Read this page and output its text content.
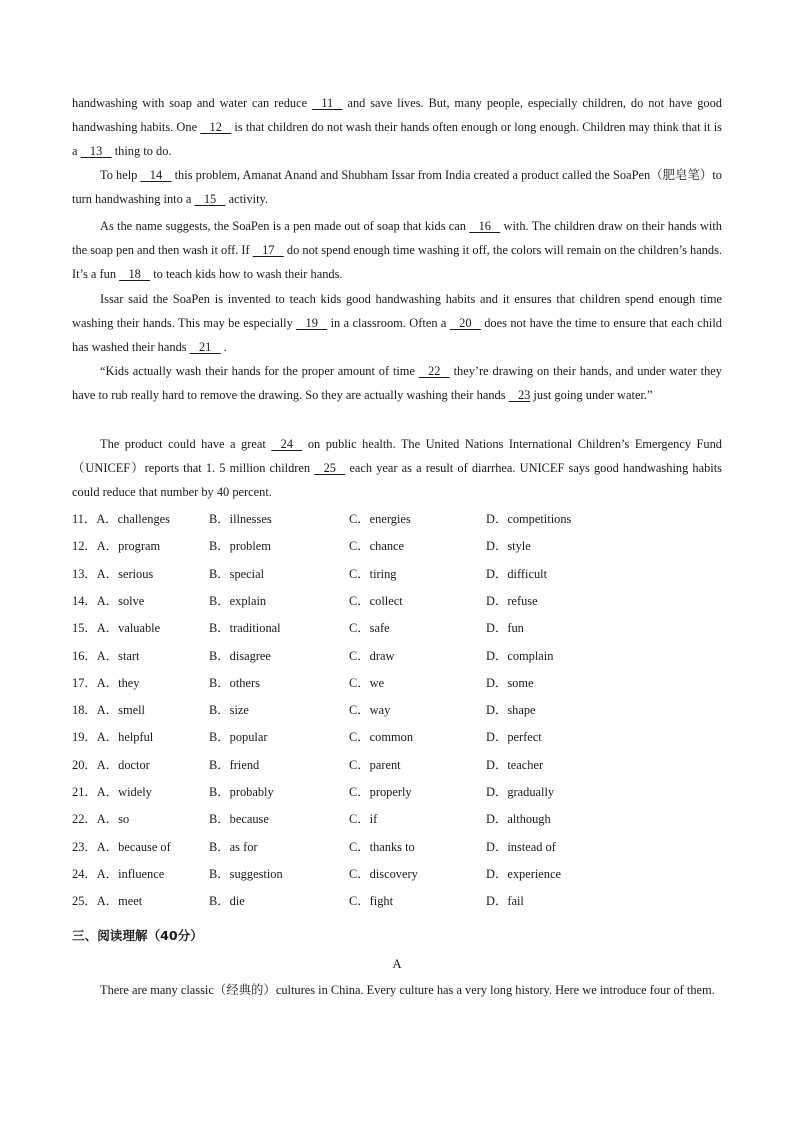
handwashing with soap and water can reduce    11    and save lives. But, many people, especially children, do not have good handwashing habits. One    12    is that children do not wash their hands often enough or long enough. Children may think that it is a    13    thing to do.

To help    14    this problem, Amanat Anand and Shubham Issar from India created a product called the SoaPen（肥皂笔）to turn handwashing into a    15    activity.

As the name suggests, the SoaPen is a pen made out of soap that kids can    16    with. The children draw on their hands with the soap pen and then wash it off. If    17    do not spend enough time washing it off, the colors will remain on the children’s hands. It’s a fun    18    to teach kids how to wash their hands.

Issar said the SoaPen is invented to teach kids good handwashing habits and it ensures that children spend enough time washing their hands. This may be especially    19    in a classroom. Often a    20    does not have the time to ensure that each child has washed their hands    21    .

“Kids actually wash their hands for the proper amount of time    22    they’re drawing on their hands, and under water they have to rub really hard to remove the drawing. So they are actually washing their hands    23 just going under water.”

The product could have a great    24    on public health. The United Nations International Children’s Emergency Fund（UNICEF）reports that 1. 5 million children    25    each year as a result of diarrhea. UNICEF says good handwashing habits could reduce that number by 40 percent.

11．A．challenges	B．illnesses	C．energies	D．competitions
12．A．program	B．problem	C．chance	D．style
13．A．serious	B．special	C．tiring	D．difficult
14．A．solve	B．explain	C．collect	D．refuse
15．A．valuable	B．traditional	C．safe	D．fun
16．A．start	B．disagree	C．draw	D．complain
17．A．they	B．others	C．we	D．some
18．A．smell	B．size	C．way	D．shape
19．A．helpful	B．popular	C．common	D．perfect
20．A．doctor	B．friend	C．parent	D．teacher
21．A．widely	B．probably	C．properly	D．gradually
22．A．so	B．because	C．if	D．although
23．A．because of	B．as for	C．thanks to	D．instead of
24．A．influence	B．suggestion	C．discovery	D．experience
25．A．meet	B．die	C．fight	D．fail
三、阅读理解（40分）
A

There are many classic（经典的）cultures in China. Every culture has a very long history. Here we introduce four of them.
